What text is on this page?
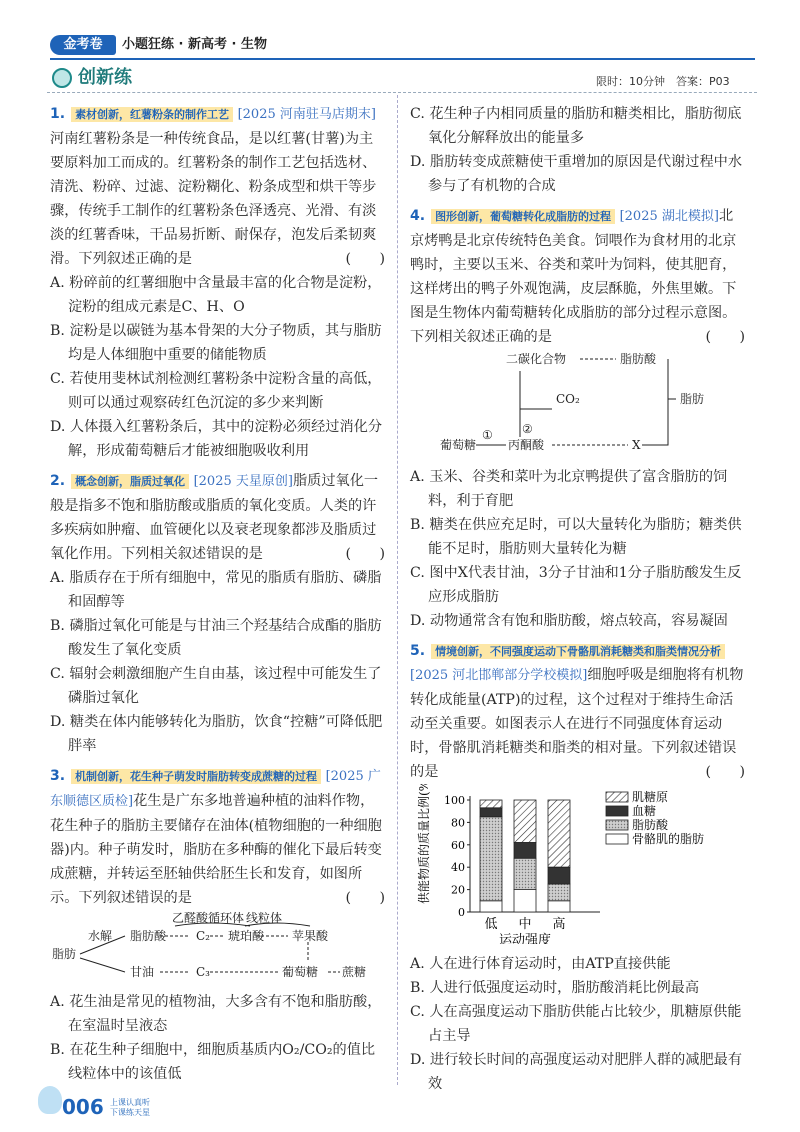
金考卷	小题狂练 · 新高考 · 生物
创新练	限时：10分钟　答案：P03
1. 素材创新，红薯粉条的制作工艺 [2025 河南驻马店期末]河南红薯粉条是一种传统食品，是以红薯(甘薯)为主要原料加工而成的。红薯粉条的制作工艺包括选材、清洗、粉碎、过滤、淀粉糊化、粉条成型和烘干等步骤，传统手工制作的红薯粉条色泽透亮、光滑、有淡淡的红薯香味，干品易折断、耐保存，泡发后柔韧爽滑。下列叙述正确的是	(　　)
A. 粉碎前的红薯细胞中含量最丰富的化合物是淀粉，淀粉的组成元素是C、H、O
B. 淀粉是以碳链为基本骨架的大分子物质，其与脂肪均是人体细胞中重要的储能物质
C. 若使用斐林试剂检测红薯粉条中淀粉含量的高低，则可以通过观察砖红色沉淀的多少来判断
D. 人体摄入红薯粉条后，其中的淀粉必须经过消化分解，形成葡萄糖后才能被细胞吸收利用
2. 概念创新，脂质过氧化 [2025 天星原创]脂质过氧化一般是指多不饱和脂肪酸或脂质的氧化变质。人类的许多疾病如肿瘤、血管硬化以及衰老现象都涉及脂质过氧化作用。下列相关叙述错误的是	(　　)
A. 脂质存在于所有细胞中，常见的脂质有脂肪、磷脂和固醇等
B. 磷脂过氧化可能是与甘油三个羟基结合成酯的脂肪酸发生了氧化变质
C. 辐射会刺激细胞产生自由基，该过程中可能发生了磷脂过氧化
D. 糖类在体内能够转化为脂肪，饮食“控糖”可降低肥胖率
3. 机制创新，花生种子萌发时脂肪转变成蔗糖的过程 [2025 广东顺德区质检]花生是广东多地普遍种植的油料作物，花生种子的脂肪主要储存在油体(植物细胞的一种细胞器)内。种子萌发时，脂肪在多种酶的催化下最后转变成蔗糖，并转运至胚轴供给胚生长和发育，如图所示。下列叙述错误的是	(　　)

乙醛酸循环体 线粒体
脂肪
水解 脂肪酸 C₂ 琥珀酸 苹果酸
甘油	C₃	葡萄糖 蔗糖
A. 花生油是常见的植物油，大多含有不饱和脂肪酸，在室温时呈液态
B. 在花生种子细胞中，细胞质基质内O₂/CO₂的值比线粒体中的该值低
C. 花生种子内相同质量的脂肪和糖类相比，脂肪彻底氧化分解释放出的能量多
D. 脂肪转变成蔗糖使干重增加的原因是代谢过程中水参与了有机物的合成
4. 图形创新，葡萄糖转化成脂肪的过程 [2025 湖北模拟]北京烤鸭是北京传统特色美食。饲喂作为食材用的北京鸭时，主要以玉米、谷类和菜叶为饲料，使其肥育，这样烤出的鸭子外观饱满，皮层酥脆，外焦里嫩。下图是生物体内葡萄糖转化成脂肪的部分过程示意图。下列相关叙述正确的是	(　　)

二碳化合物	脂肪酸
CO₂	脂肪
葡萄糖	丙酮酸	X
① ②
A. 玉米、谷类和菜叶为北京鸭提供了富含脂肪的饲料，利于育肥
B. 糖类在供应充足时，可以大量转化为脂肪；糖类供能不足时，脂肪则大量转化为糖
C. 图中X代表甘油，3分子甘油和1分子脂肪酸发生反应形成脂肪
D. 动物通常含有饱和脂肪酸，熔点较高，容易凝固
5. 情境创新，不同强度运动下骨骼肌消耗糖类和脂类情况分析
[2025 河北邯郸部分学校模拟]细胞呼吸是细胞将有机物转化成能量(ATP)的过程，这个过程对于维持生命活动至关重要。如图表示人在进行不同强度体育运动时，骨骼肌消耗糖类和脂类的相对量。下列叙述错误的是	(　　)

0
20
40
60
80
100
低 中 高
运动强度
供能物质的质量比例(%)	肌糖原
血糖
脂肪酸
骨骼肌的脂肪
A. 人在进行体育运动时，由ATP直接供能
B. 人进行低强度运动时，脂肪酸消耗比例最高
C. 人在高强度运动下脂肪供能占比较少，肌糖原供能占主导
D. 进行较长时间的高强度运动对肥胖人群的减肥最有效
006 上课认真听
下课练天星
